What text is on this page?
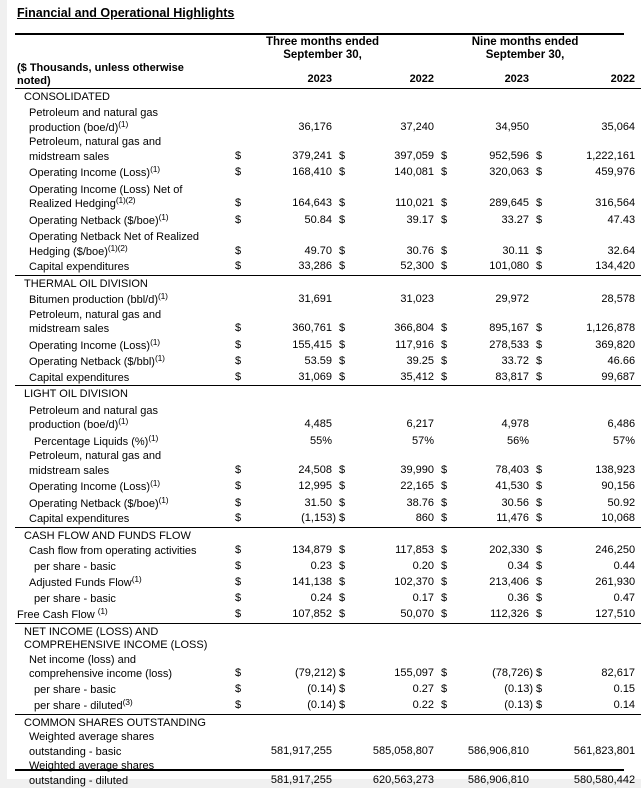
Financial and Operational Highlights
	Three months ended
September 30,				Nine months ended
September 30,			
($ Thousands, unless otherwise
noted)	2023		2022		2023		2022	
CONSOLIDATED								
Petroleum and natural gas
production $(boe/d)^{(1)}$		36,176		37,240		34,950		35,064
Petroleum, natural gas and
midstream sales	$	379,241	$	397,059	$	952,596	$	1,222,161
Operating Income (Loss)$^{(1)}$	$	168,410	$	140,081	$	320,063	$	459,976
Operating Income (Loss) Net of
Realized Hedging$^{(1)(2)}$	$	164,643	$	110,021	$	289,645	$	316,564
Operating Netback ($/boe)$^{(1)}$	$	50.84	$	39.17	$	33.27	$	47.43
Operating Netback Net of Realized
Hedging ($/boe)$^{(1)(2)}$	$	49.70	$	30.76	$	30.11	$	32.64
Capital expenditures	$	33,286	$	52,300	$	101,080	$	134,420
THERMAL OIL DIVISION								
Bitumen production $(bbl/d)^{(1)}$		31,691		31,023		29,972		28,578
Petroleum, natural gas and
midstream sales	$	360,761	$	366,804	$	895,167	$	1,126,878
Operating Income (Loss)$^{(1)}$	$	155,415	$	117,916	$	278,533	$	369,820
Operating Netback ($/bbl)$^{(1)}$	$	53.59	$	39.25	$	33.72	$	46.66
Capital expenditures	$	31,069	$	35,412	$	83,817	$	99,687
LIGHT OIL DIVISION								
Petroleum and natural gas
production $(boe/d)^{(1)}$		4,485		6,217		4,978		6,486
Percentage Liquids (%)$^{(1)}$		55%		57%		56%		57%
Petroleum, natural gas and
midstream sales	$	24,508	$	39,990	$	78,403	$	138,923
Operating Income (Loss)$^{(1)}$	$	12,995	$	22,165	$	41,530	$	90,156
Operating Netback ($/boe)$^{(1)}$	$	31.50	$	38.76	$	30.56	$	50.92
Capital expenditures	$	(1,153)	$	860	$	11,476	$	10,068
CASH FLOW AND FUNDS FLOW								
Cash flow from operating activities	$	134,879	$	117,853	$	202,330	$	246,250
per share - basic	$	0.23	$	0.20	$	0.34	$	0.44
Adjusted Funds Flow$^{(1)}$	$	141,138	$	102,370	$	213,406	$	261,930
per share - basic	$	0.24	$	0.17	$	0.36	$	0.47
Free Cash Flow $^{(1)}$	$	107,852	$	50,070	$	112,326	$	127,510
NET INCOME (LOSS) AND
COMPREHENSIVE INCOME (LOSS)								
Net income (loss) and
comprehensive income (loss)	$	(79,212)	$	155,097	$	(78,726)	$	82,617
per share - basic	$	(0.14)	$	0.27	$	(0.13)	$	0.15
per share - diluted$^{(3)}$	$	(0.14)	$	0.22	$	(0.13)	$	0.14
COMMON SHARES OUTSTANDING								
Weighted average shares
outstanding - basic		581,917,255		585,058,807		586,906,810		561,823,801
Weighted average shares
outstanding - diluted		581,917,255		620,563,273		586,906,810		580,580,442
